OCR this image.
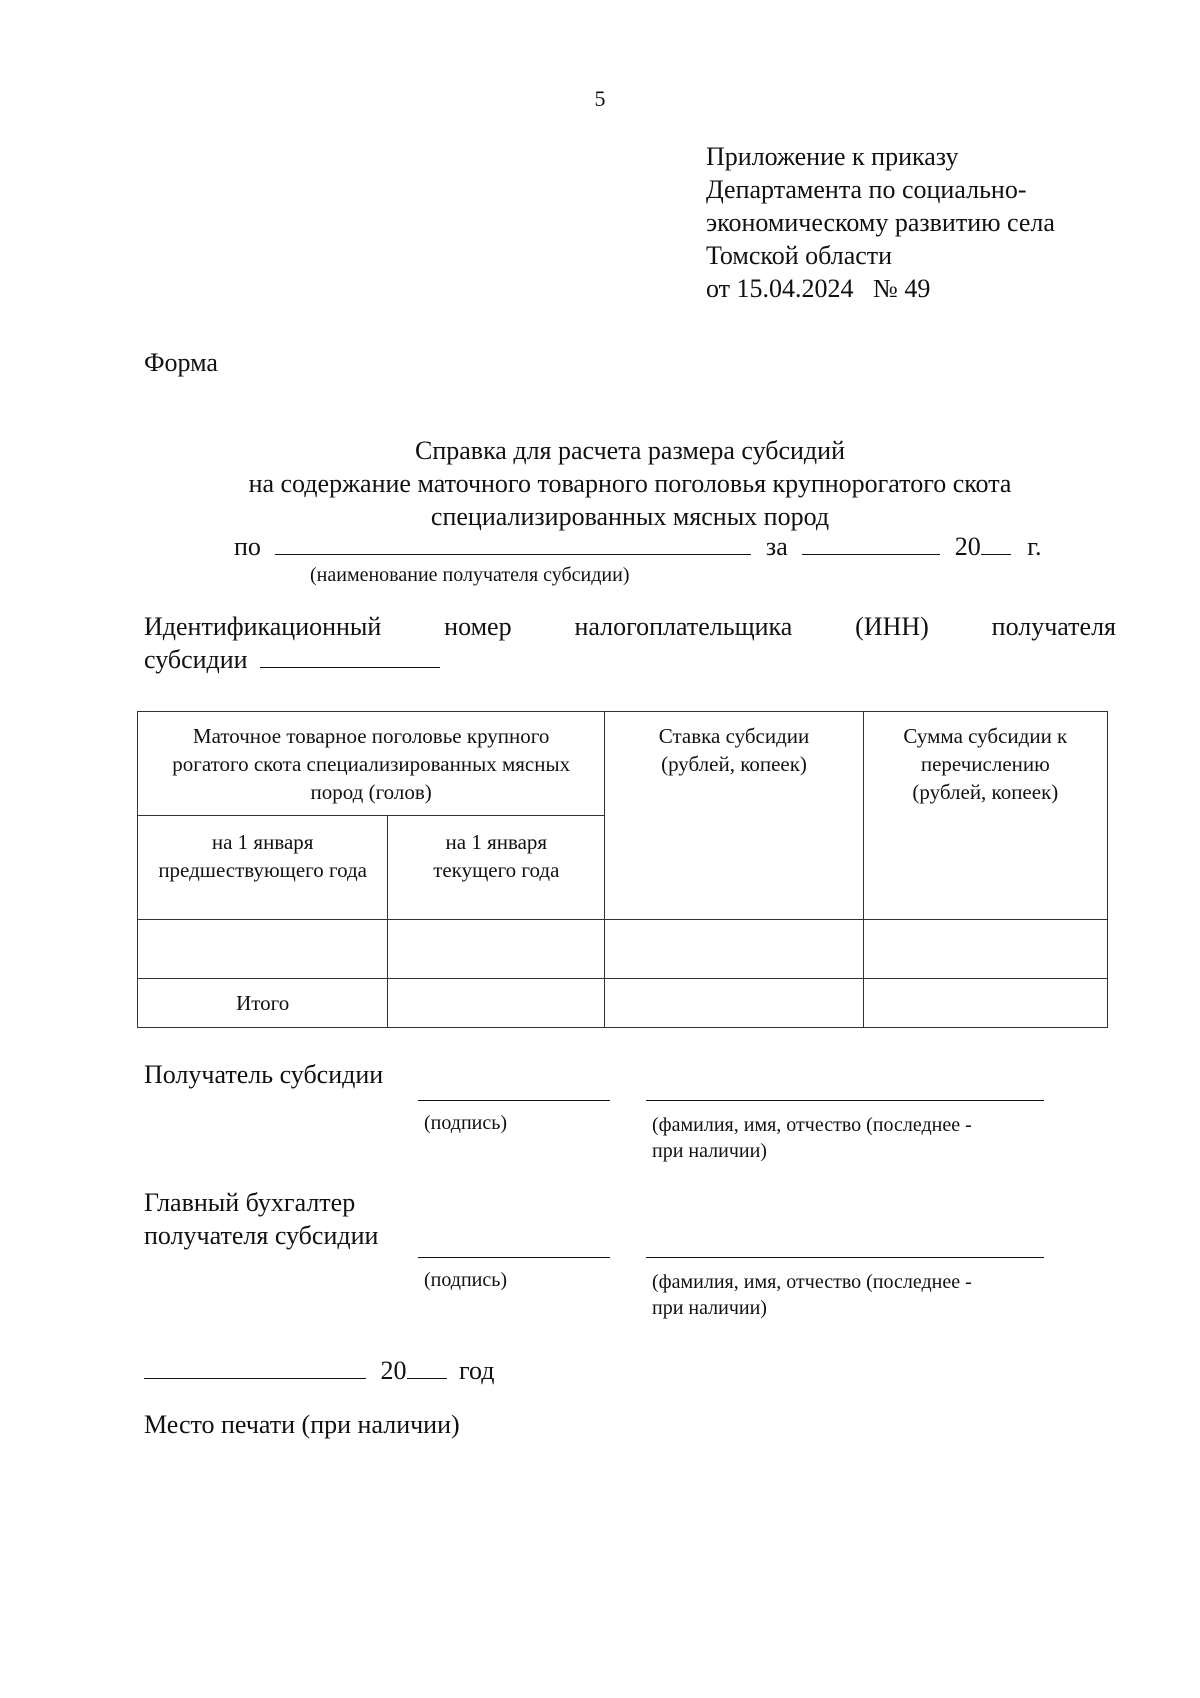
5
Приложение к приказу
Департамента по социально-
экономическому развитию села
Томской области
от 15.04.2024   № 49
Форма
Справка для расчета размера субсидий
на содержание маточного товарного поголовья крупнорогатого скота
специализированных мясных пород
по	за	20 г.
(наименование получателя субсидии)
Идентификационный номер налогоплательщика (ИНН) получателя
субсидии
Маточное товарное поголовье крупного рогатого скота специализированных мясных пород (голов)		Ставка субсидии (рублей, копеек)	Сумма субсидии к перечислению (рублей, копеек)
на 1 января предшествующего года	на 1 января текущего года		

Итого			
Получатель субсидии
(подпись)	(фамилия, имя, отчество (последнее -
при наличии)
Главный бухгалтер
получателя субсидии
(подпись)	(фамилия, имя, отчество (последнее -
при наличии)
20 год
Место печати (при наличии)
